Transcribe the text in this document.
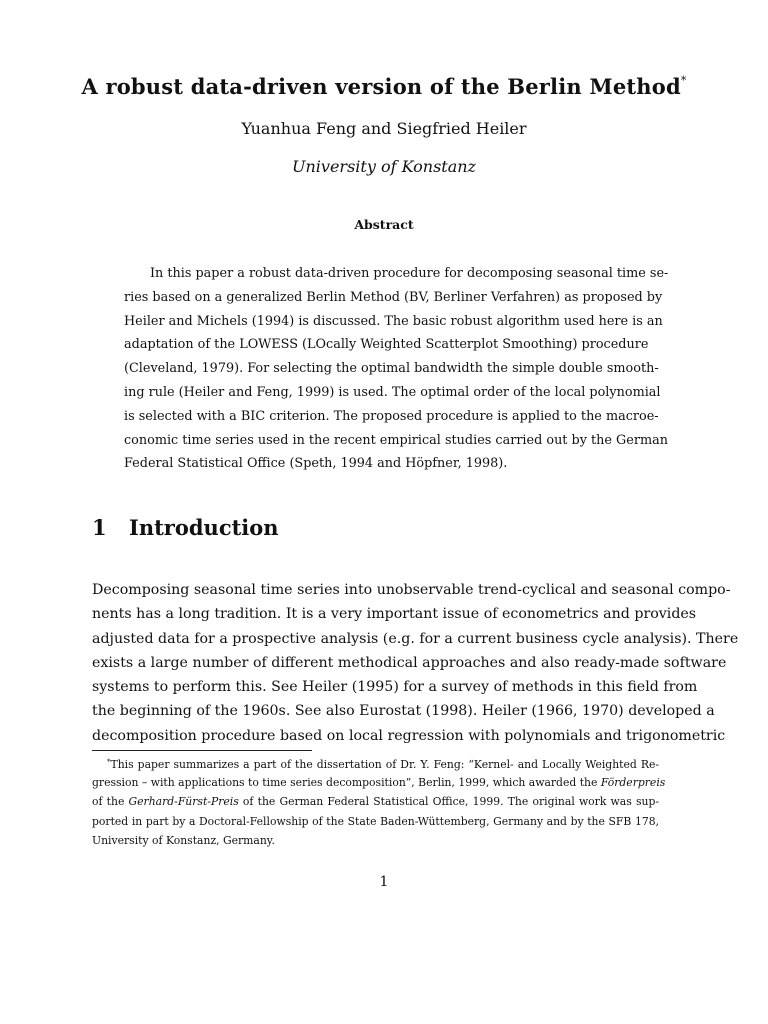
A robust data-driven version of the Berlin Method*
Yuanhua Feng and Siegfried Heiler
University of Konstanz
Abstract
In this paper a robust data-driven procedure for decomposing seasonal time se-
ries based on a generalized Berlin Method (BV, Berliner Verfahren) as proposed by
Heiler and Michels (1994) is discussed. The basic robust algorithm used here is an
adaptation of the LOWESS (LOcally Weighted Scatterplot Smoothing) procedure
(Cleveland, 1979). For selecting the optimal bandwidth the simple double smooth-
ing rule (Heiler and Feng, 1999) is used. The optimal order of the local polynomial
is selected with a BIC criterion. The proposed procedure is applied to the macroe-
conomic time series used in the recent empirical studies carried out by the German
Federal Statistical Office (Speth, 1994 and Höpfner, 1998).
1 Introduction
Decomposing seasonal time series into unobservable trend-cyclical and seasonal compo-
nents has a long tradition. It is a very important issue of econometrics and provides
adjusted data for a prospective analysis (e.g. for a current business cycle analysis). There
exists a large number of different methodical approaches and also ready-made software
systems to perform this. See Heiler (1995) for a survey of methods in this field from
the beginning of the 1960s. See also Eurostat (1998). Heiler (1966, 1970) developed a
decomposition procedure based on local regression with polynomials and trigonometric
*This paper summarizes a part of the dissertation of Dr. Y. Feng: “Kernel- and Locally Weighted Re-
gression – with applications to time series decomposition”, Berlin, 1999, which awarded the Förderpreis
of the Gerhard-Fürst-Preis of the German Federal Statistical Office, 1999. The original work was sup-
ported in part by a Doctoral-Fellowship of the State Baden-Wüttemberg, Germany and by the SFB 178,
University of Konstanz, Germany.
1
